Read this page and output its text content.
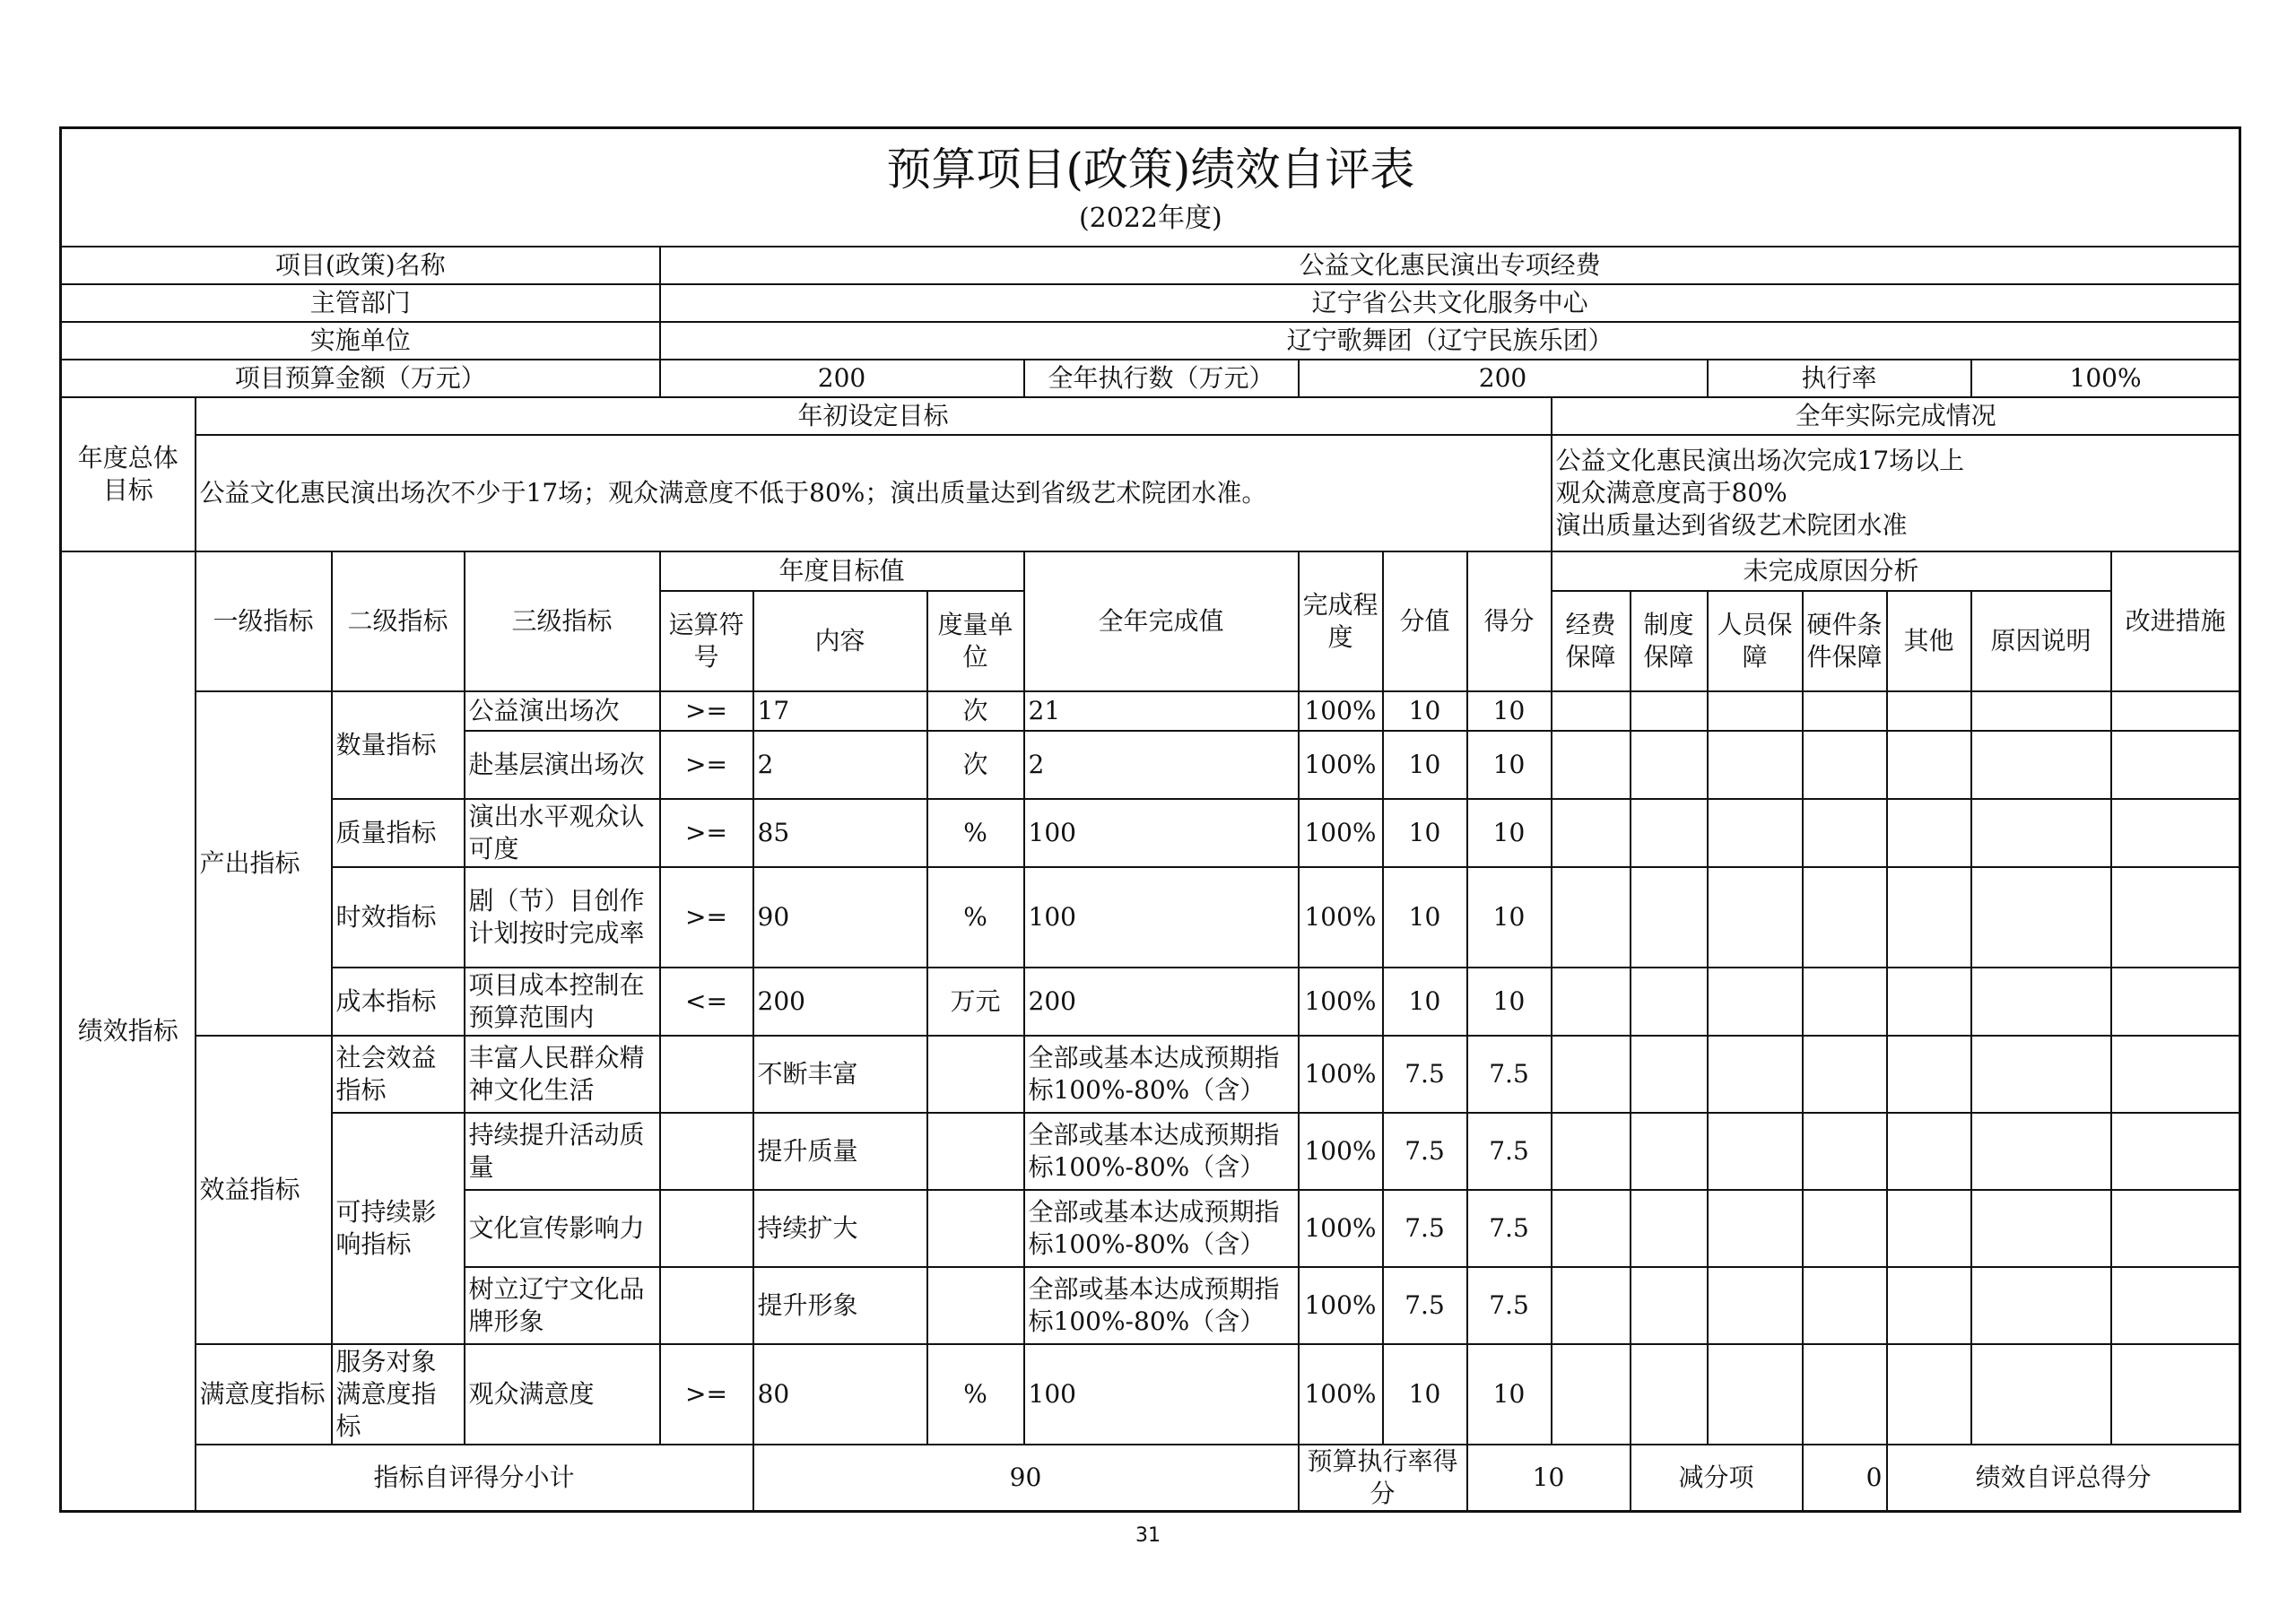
预算项目(政策)绩效自评表
(2022年度)																		

项目(政策)名称				公益文化惠民演出专项经费														
主管部门				辽宁省公共文化服务中心														
实施单位				辽宁歌舞团（辽宁民族乐团）														
项目预算金额（万元）				200			全年执行数（万元）	200					执行率			100%		
年度总体目标	年初设定目标										全年实际完成情况							
	公益文化惠民演出场次不少于17场；观众满意度不低于80%；演出质量达到省级艺术院团水准。										公益文化惠民演出场次完成17场以上
观众满意度高于80%
演出质量达到省级艺术院团水准							

绩效指标	一级指标	二级指标	三级指标	年度目标值			全年完成值	完成程度	分值	得分	未完成原因分析						改进措施	
				运算符号	内容	度量单位					经费保障	制度保障	人员保障	硬件条件保障	其他	原因说明		
	产出指标	数量指标	公益演出场次	>=	17	次	21	100%	10	10								
			赴基层演出场次	>=	2	次	2	100%	10	10								
		质量指标	演出水平观众认可度	>=	85	%	100	100%	10	10								
		时效指标	剧（节）目创作计划按时完成率	>=	90	%	100	100%	10	10								
		成本指标	项目成本控制在预算范围内	<=	200	万元	200	100%	10	10								
	效益指标	社会效益指标	丰富人民群众精神文化生活		不断丰富		全部或基本达成预期指标100%-80%（含）	100%	7.5	7.5								
		可持续影响指标	持续提升活动质量		提升质量		全部或基本达成预期指标100%-80%（含）	100%	7.5	7.5								
			文化宣传影响力		持续扩大		全部或基本达成预期指标100%-80%（含）	100%	7.5	7.5								
			树立辽宁文化品牌形象		提升形象		全部或基本达成预期指标100%-80%（含）	100%	7.5	7.5								
	满意度指标	服务对象满意度指标	观众满意度	>=	80	%	100	100%	10	10								
	指标自评得分小计				90			预算执行率得分		10		减分项		0	绩效自评总得分	
31
